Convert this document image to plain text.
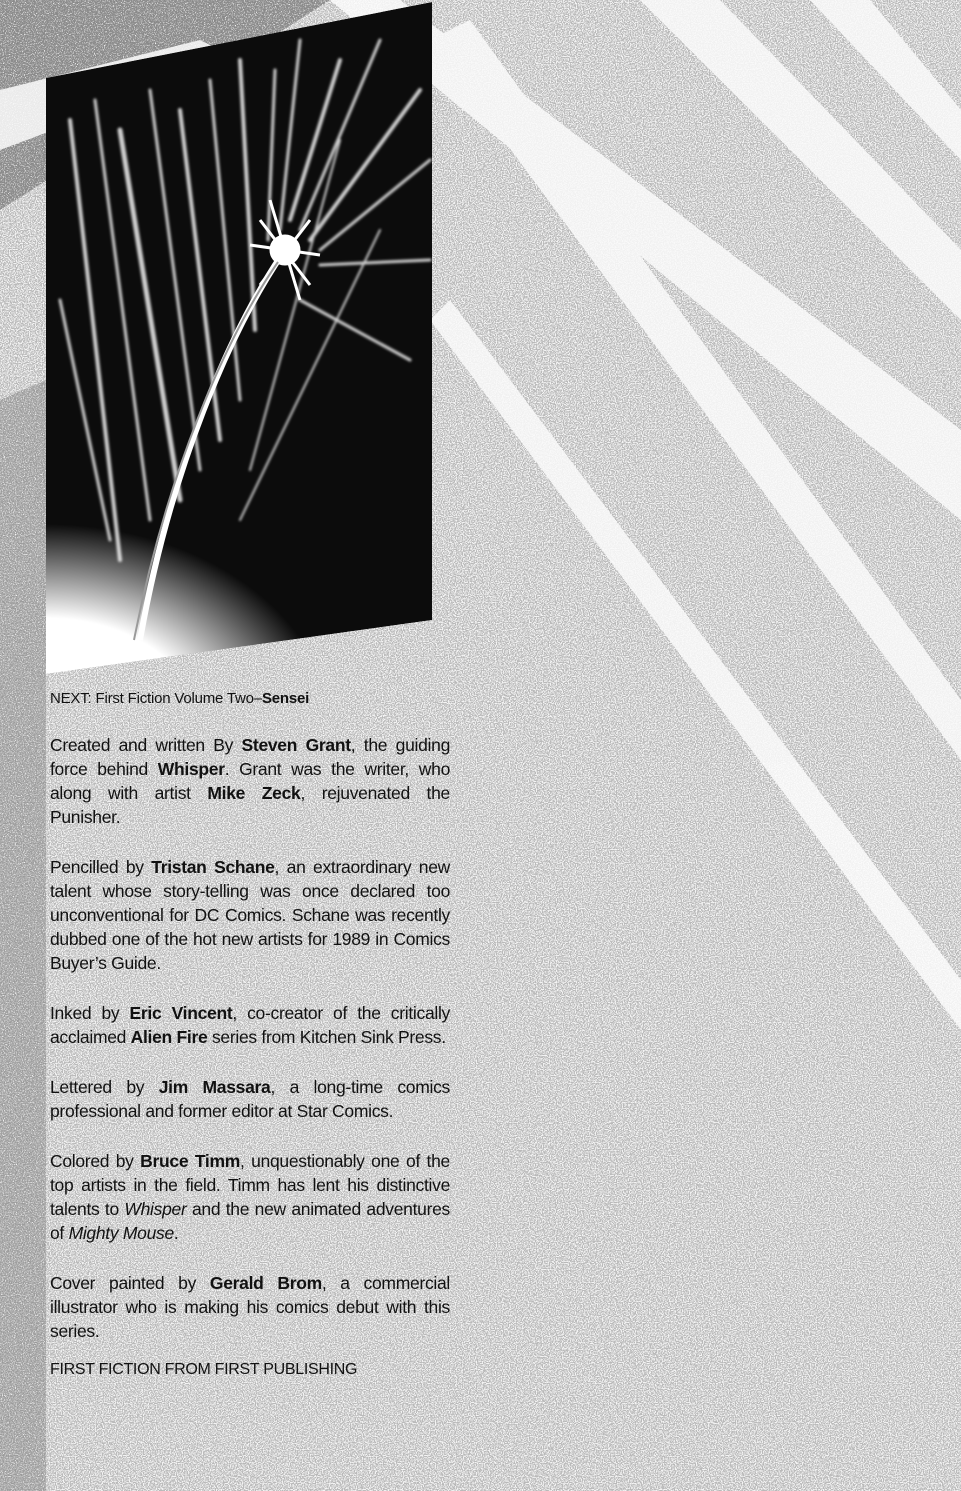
NEXT: First Fiction Volume Two–Sensei

Created and written By Steven Grant, the guiding force behind Whisper. Grant was the writer, who along with artist Mike Zeck, rejuvenated the Punisher.

Pencilled by Tristan Schane, an extraordinary new talent whose story-telling was once declared too unconventional for DC Comics. Schane was recently dubbed one of the hot new artists for 1989 in Comics Buyer’s Guide.

Inked by Eric Vincent, co-creator of the critically acclaimed Alien Fire series from Kitchen Sink Press.

Lettered by Jim Massara, a long-time comics professional and former editor at Star Comics.

Colored by Bruce Timm, unquestionably one of the top artists in the field. Timm has lent his distinctive talents to Whisper and the new animated adventures of Mighty Mouse.

Cover painted by Gerald Brom, a commercial illustrator who is making his comics debut with this series.

FIRST FICTION FROM FIRST PUBLISHING
